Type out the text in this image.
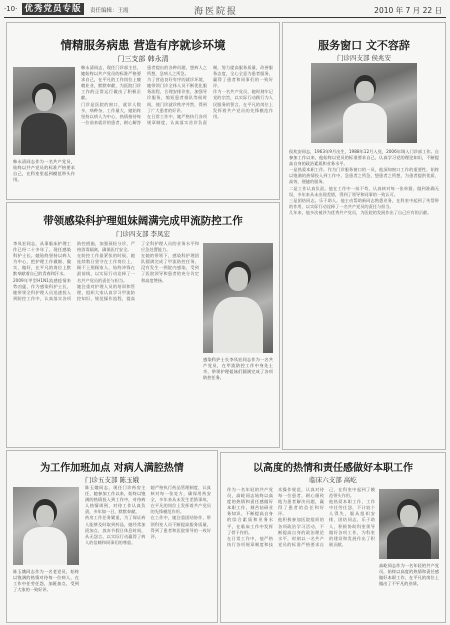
·10· 优秀党员专版	责任编辑：王霞	海医院报	2010 年 7 月 22 日
情精服务病患 营造有序就诊环境
门三支部 韩永清
韩永清同志作为一名共产党员，始终以共产党员的标准严格要求自己，在科室里起到模范带头作用。
韩永清同志，现任门诊部主任，她始终以共产党员的标准严格要求自己，在平凡的工作岗位上兢兢业业，默默奉献，为医院门诊工作的正常运行做出了积极贡献。
门诊是医院的窗口，就诊人数多，病种杂，工作量大，她始终坚持以病人为中心，热情接待每一位前来就诊的患者，耐心解答患者提出的各种问题，想病人之所想，急病人之所急。
为了营造良好有序的就诊环境，她带领门诊全体人员不断优化服务流程，合理安排诊室，加强导诊服务，缩短患者排队等候时间，使门诊就诊秩序井然，得到了广大患者的好评。
在日常工作中，她严格执行各项规章制度，认真落实首诊负责制，努力提高服务质量，改善服务态度，全心全意为患者服务，赢得了患者和同事们的一致好评。
作为一名共产党员，她时刻牢记党的宗旨，以实际行动践行为人民服务的誓言，在平凡的岗位上发挥着共产党员的先锋模范作用。
服务窗口 文不容辞
门诊四支部 侯兆安
侯兆安同志，1963年9月出生，1988年12月入党，2006年调入门诊部工作。自参加工作以来，他始终以党员的标准要求自己，认真学习党的理论知识，不断提高自身的政治素质和业务水平。
一是热爱本职工作。作为门诊服务窗口的一员，他深知窗口工作的重要性，始终以饱满的热情投入到工作中，急患者之所急，想患者之所想，为患者提供优质、高效、便捷的服务。
二是工作认真负责。他在工作中一丝不苟，认真核对每一张单据，做到准确无误，多年来从未出现差错，得到了领导和同事的一致认可。
三是团结同志，乐于助人。他主动帮助新同志熟悉业务，在科室中起到了传帮带的作用，以实际行动诠释了一名共产党员的责任与担当。
几年来，他多次被评为优秀共产党员，为医院的发展作出了自己应有的贡献。
带领感染科护理姐妹阔满完成甲流防控工作
门诊四支部 李凤宏
李凤宏同志，从事临床护理工作已经二十多年了，现任感染科护士长。她始终坚持以病人为中心，把护理工作做细、做实、做好，在平凡的岗位上默默奉献着自己的青春和汗水。
2009年甲型H1N1流感疫情来势凶猛，作为感染科护士长，她带领全科护理人员迅速投入到防控工作中，认真落实各项防控措施，加强预检分诊，严格消毒隔离，确保医疗安全。
在防控工作最紧张的时候，她连续数日坚守在工作岗位上，顾不上照顾家人，始终冲锋在最前线，以实际行动诠释了一名共产党员的责任与担当。
她注重对护理人员的培训和管理，组织大家认真学习甲流防控知识，规范操作流程，提高了全科护理人员的业务水平和应急处置能力。
在她的带领下，感染科护理团队圆满完成了甲流防控任务，没有发生一例院内感染，受到了医院领导和患者的充分肯定和高度赞扬。
感染科护士长李凤宏同志作为一名共产党员，在甲流防控工作中身先士卒，带领护理姐妹们圆满完成了各项防控任务。
为工作加班加点 对病人满腔热情
门诊五支部 陈玉娥
陈玉娥同志作为一名老党员，始终以饱满的热情对待每一位病人，在工作中任劳任怨，加班加点，受到了大家的一致好评。
陈玉娥同志，现任门诊药房主任，她参加工作以来，始终以饱满的热情投入到工作中，对待病人热情周到，对待工作认真负责，多年如一日，默默奉献。
药房工作任务繁重，为了保证病人能够及时取到药品，她经常加班加点，放弃节假日休息时间，从无怨言，以实际行动赢得了病人的信赖和同事们的尊重。
她严格执行药品管理制度，认真核对每一张处方，确保用药安全，多年来从未发生差错事故，在平凡的岗位上发挥着共产党员的先锋模范作用。
在工作中，她注重团结协作，带领科室人员不断提高服务质量，得到了患者和医院领导的一致好评。
以高度的热情和责任感做好本职工作
临床六支部 高屹
作为一名年轻的共产党员，高屹同志始终以高度的热情和责任感做好本职工作，刻苦钻研业务知识，不断提高自身的综合素质和业务水平，在临床工作中发挥了骨干作用。
在日常工作中，他严格执行各项规章制度和技术操作规范，认真对待每一位患者，耐心细致地为患者解决问题，赢得了患者的信任和好评。
他积极参加医院组织的各项政治学习活动，不断提高自身的政治理论水平，时刻以一名共产党员的标准严格要求自己，在科室中起到了模范带头作用。
他热爱本职工作，工作中任劳任怨，不计较个人得失，服从组织安排，团结同志，乐于助人，积极协助科室领导做好各项工作，为科室的建设和发展作出了积极贡献。
高屹同志作为一名年轻的共产党员，始终以高度的热情和责任感做好本职工作，在平凡的岗位上做出了不平凡的业绩。
